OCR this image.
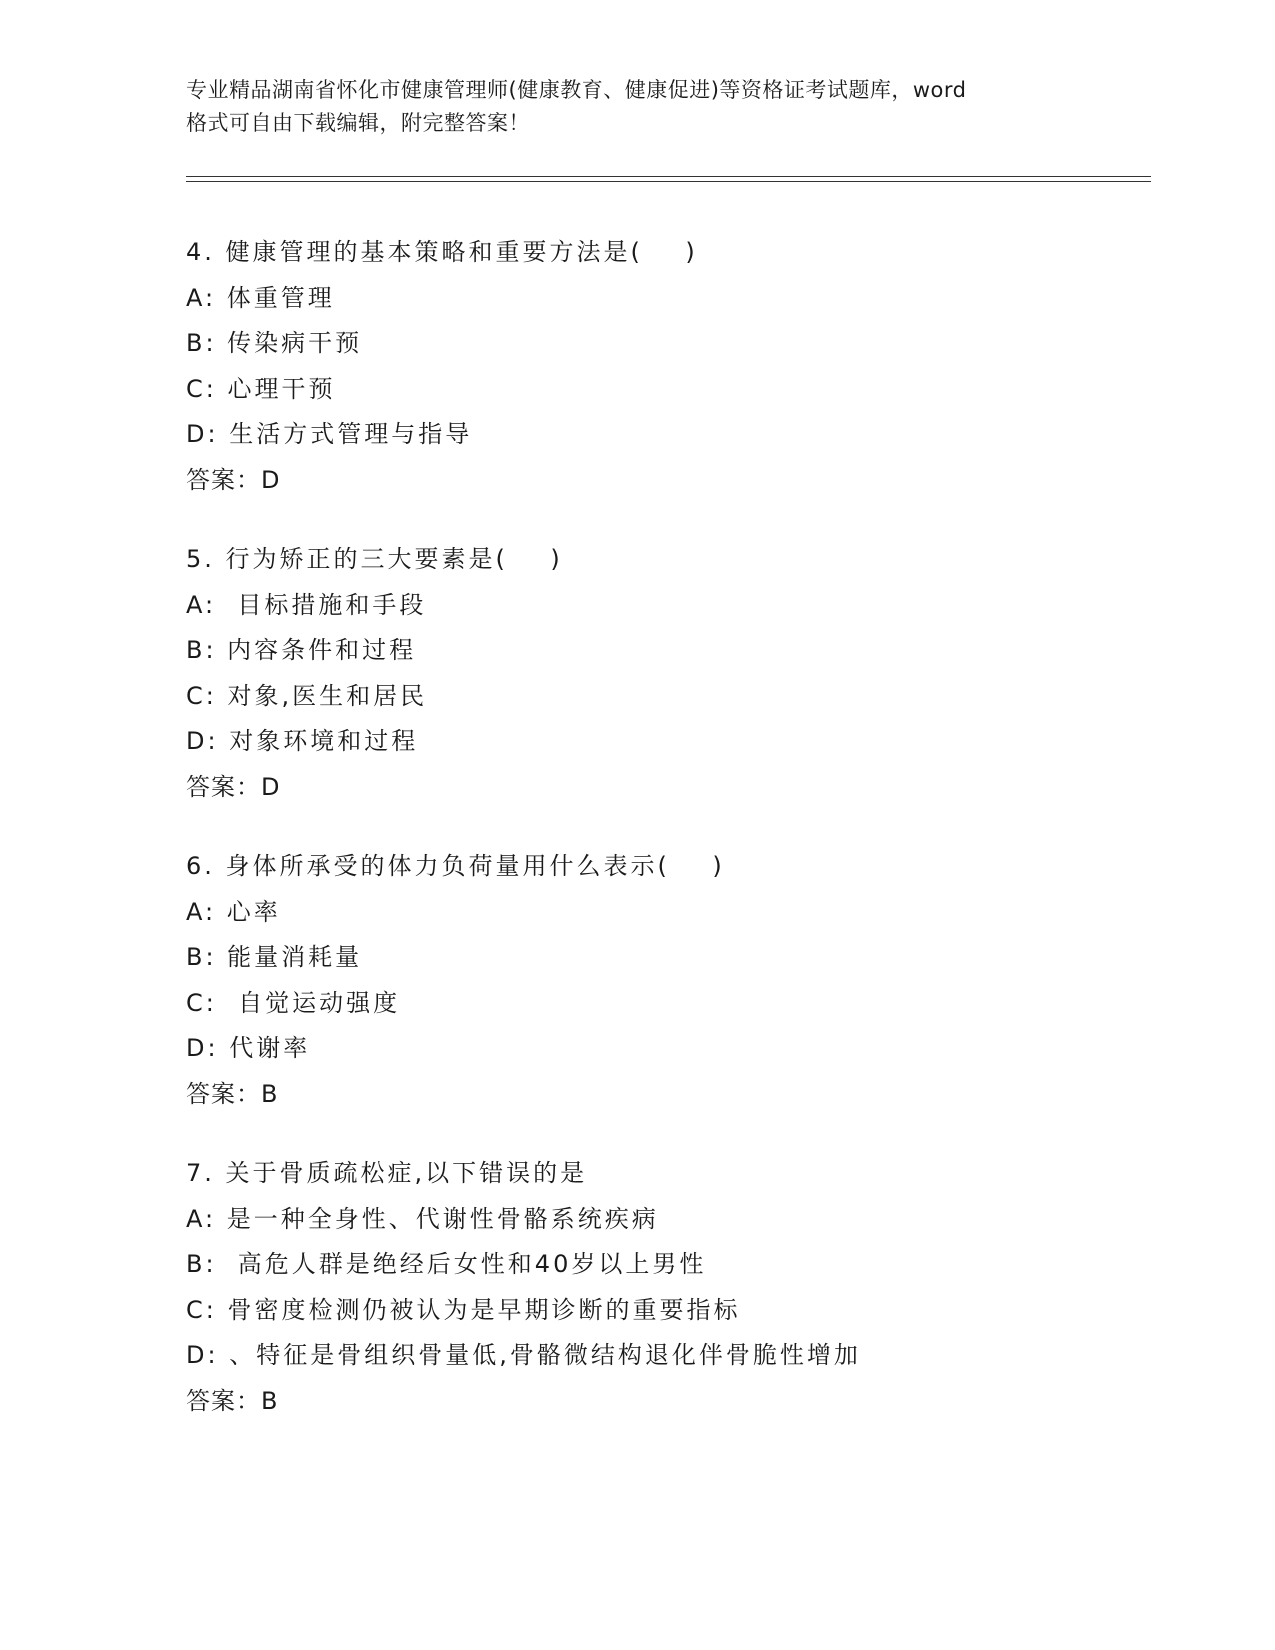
专业精品湖南省怀化市健康管理师(健康教育、健康促进)等资格证考试题库，word
格式可自由下载编辑，附完整答案！
4. 健康管理的基本策略和重要方法是(    )
A: 体重管理
B: 传染病干预
C: 心理干预
D: 生活方式管理与指导
答案：D
5. 行为矫正的三大要素是(    )
A:  目标措施和手段
B: 内容条件和过程
C: 对象,医生和居民
D: 对象环境和过程
答案：D
6. 身体所承受的体力负荷量用什么表示(    )
A: 心率
B: 能量消耗量
C:  自觉运动强度
D: 代谢率
答案：B
7. 关于骨质疏松症,以下错误的是
A: 是一种全身性、代谢性骨骼系统疾病
B:  高危人群是绝经后女性和40岁以上男性
C: 骨密度检测仍被认为是早期诊断的重要指标
D: 、特征是骨组织骨量低,骨骼微结构退化伴骨脆性增加
答案：B
